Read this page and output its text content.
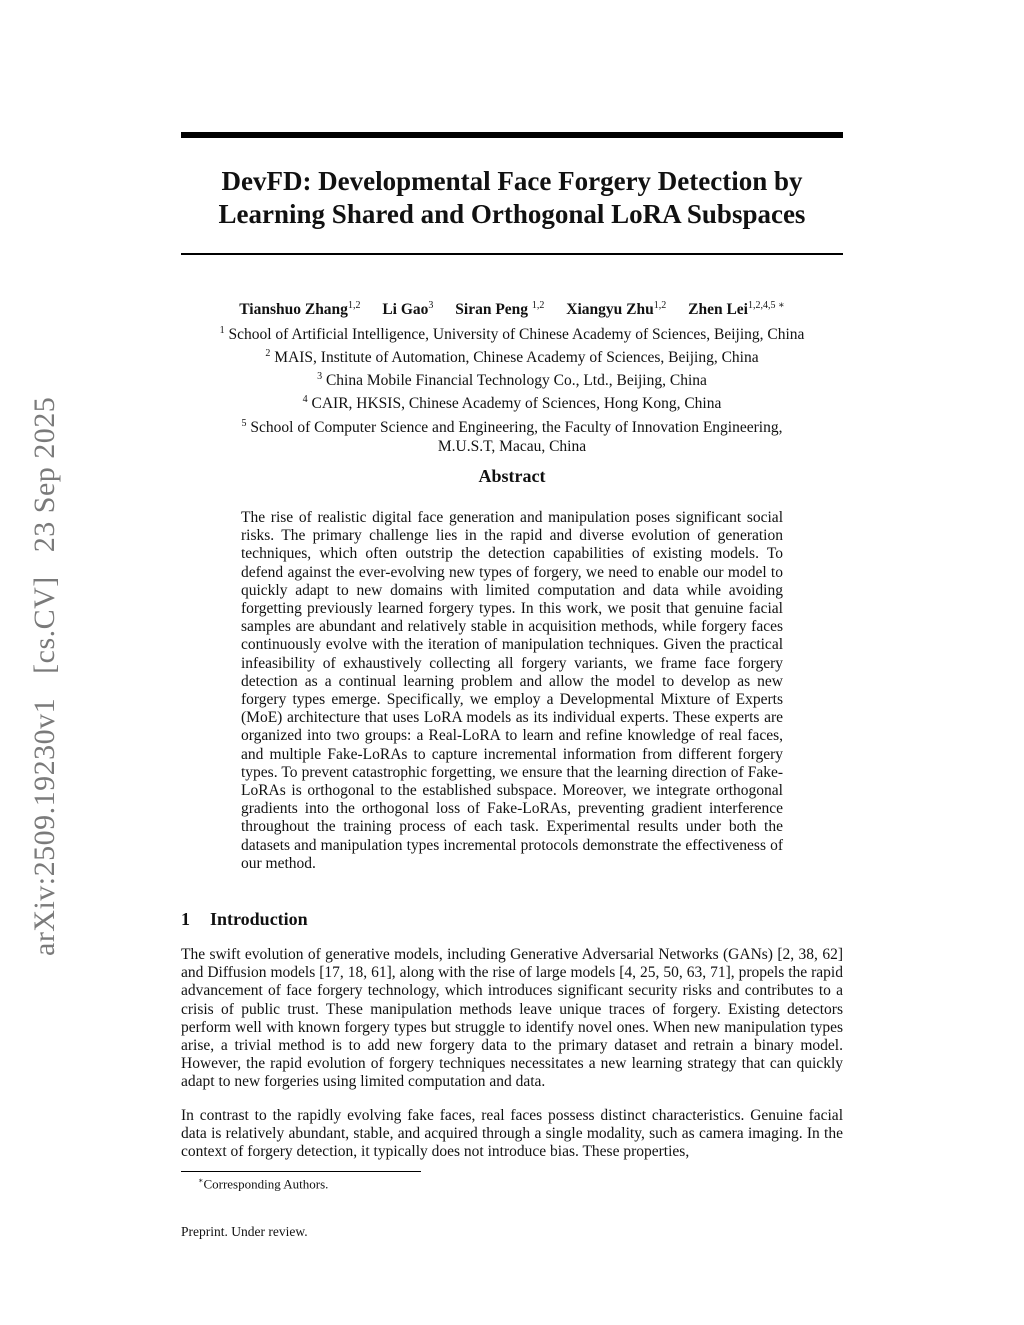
arXiv:2509.19230v1 [cs.CV] 23 Sep 2025
DevFD: Developmental Face Forgery Detection by
Learning Shared and Orthogonal LoRA Subspaces
Tianshuo Zhang$^{1,2}$ Li Gao$^3$ Siran Peng $^{1,2}$ Xiangyu Zhu$^{1,2}$ Zhen Lei$^{1,2,4,5 ∗}$
$^1$ School of Artificial Intelligence, University of Chinese Academy of Sciences, Beijing, China
$^2$ MAIS, Institute of Automation, Chinese Academy of Sciences, Beijing, China
$^3$ China Mobile Financial Technology Co., Ltd., Beijing, China
$^4$ CAIR, HKSIS, Chinese Academy of Sciences, Hong Kong, China
$^5$ School of Computer Science and Engineering, the Faculty of Innovation Engineering,
M.U.S.T, Macau, China
Abstract
The rise of realistic digital face generation and manipulation poses significant social risks. The primary challenge lies in the rapid and diverse evolution of generation techniques, which often outstrip the detection capabilities of existing models. To defend against the ever-evolving new types of forgery, we need to enable our model to quickly adapt to new domains with limited computation and data while avoiding forgetting previously learned forgery types. In this work, we posit that genuine facial samples are abundant and relatively stable in acquisition methods, while forgery faces continuously evolve with the iteration of manipulation techniques. Given the practical infeasibility of exhaustively collecting all forgery variants, we frame face forgery detection as a continual learning problem and allow the model to develop as new forgery types emerge. Specifically, we employ a Developmental Mixture of Experts (MoE) architecture that uses LoRA models as its individual experts. These experts are organized into two groups: a Real-LoRA to learn and refine knowledge of real faces, and multiple Fake-LoRAs to capture incremental information from different forgery types. To prevent catastrophic forgetting, we ensure that the learning direction of Fake-LoRAs is orthogonal to the established subspace. Moreover, we integrate orthogonal gradients into the orthogonal loss of Fake-LoRAs, preventing gradient interference throughout the training process of each task. Experimental results under both the datasets and manipulation types incremental protocols demonstrate the effectiveness of our method.
1 Introduction
The swift evolution of generative models, including Generative Adversarial Networks (GANs) [2, 38, 62] and Diffusion models [17, 18, 61], along with the rise of large models [4, 25, 50, 63, 71], propels the rapid advancement of face forgery technology, which introduces significant security risks and contributes to a crisis of public trust. These manipulation methods leave unique traces of forgery. Existing detectors perform well with known forgery types but struggle to identify novel ones. When new manipulation types arise, a trivial method is to add new forgery data to the primary dataset and retrain a binary model. However, the rapid evolution of forgery techniques necessitates a new learning strategy that can quickly adapt to new forgeries using limited computation and data.
In contrast to the rapidly evolving fake faces, real faces possess distinct characteristics. Genuine facial data is relatively abundant, stable, and acquired through a single modality, such as camera imaging. In the context of forgery detection, it typically does not introduce bias. These properties,
∗Corresponding Authors.
Preprint. Under review.
